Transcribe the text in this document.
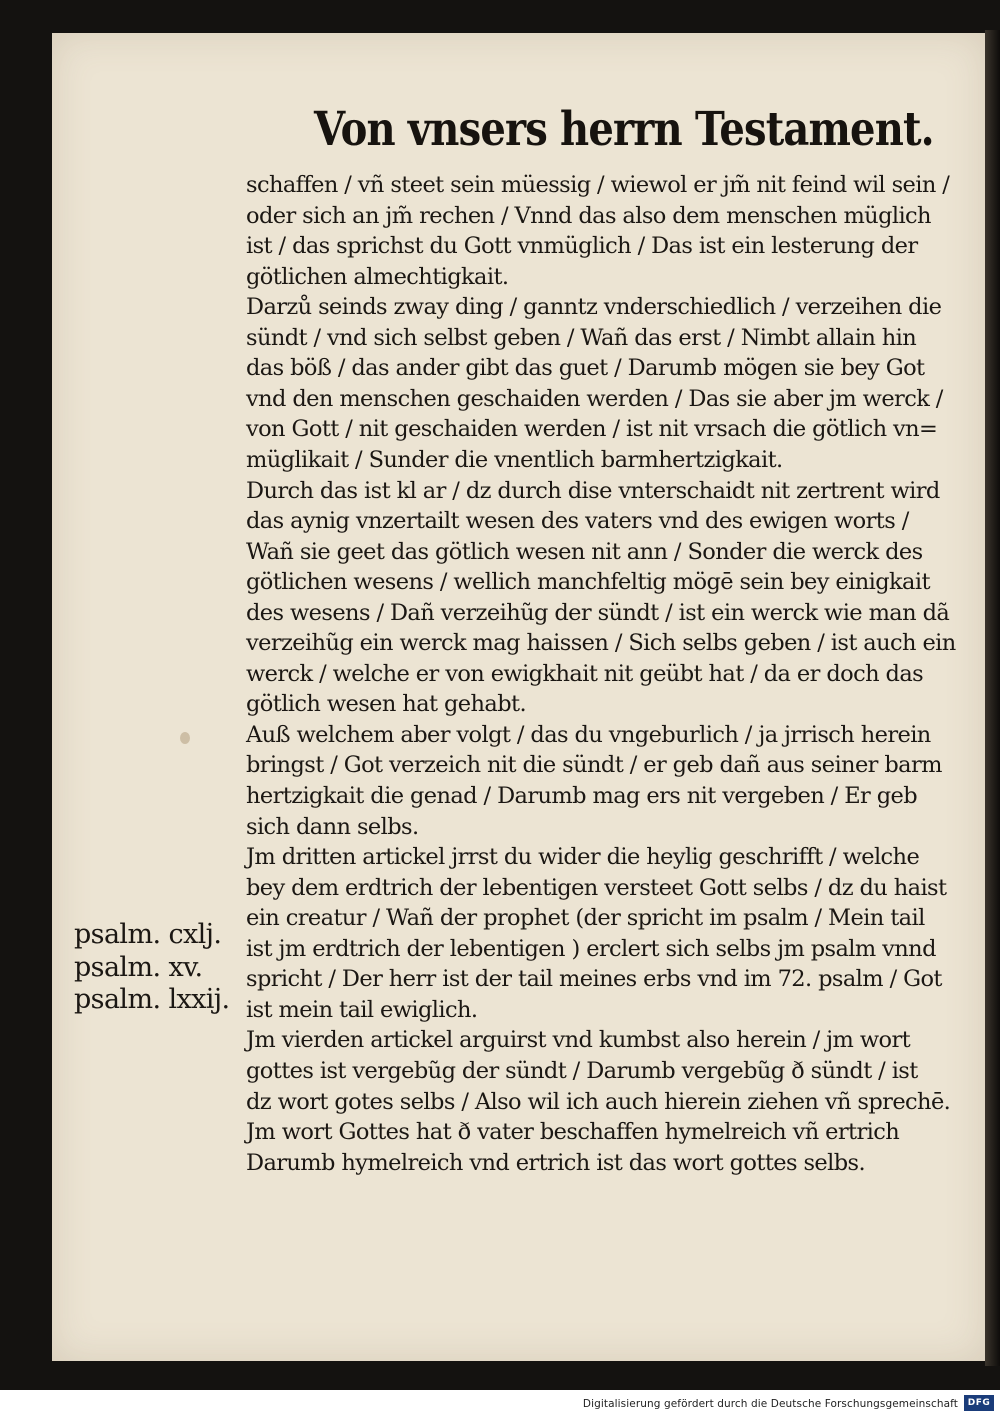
Von vnsers herrn Testament.
schaffen / vñ steet sein müessig / wiewol er jm̃ nit feind wil sein /
oder sich an jm̃ rechen / Vnnd das also dem menschen müglich
ist / das sprichst du Gott vnmüglich / Das ist ein lesterung der
götlichen almechtigkait.
Darzů seinds zway ding / ganntz vnderschiedlich / verzeihen die
sündt / vnd sich selbst geben / Wañ das erst / Nimbt allain hin
das böß / das ander gibt das guet / Darumb mögen sie bey Got
vnd den menschen geschaiden werden / Das sie aber jm werck /
von Gott / nit geschaiden werden / ist nit vrsach die götlich vn=
müglikait / Sunder die vnentlich barmhertzigkait.
Durch das ist kl ar / dz durch dise vnterschaidt nit zertrent wird
das aynig vnzertailt wesen des vaters vnd des ewigen worts /
Wañ sie geet das götlich wesen nit ann / Sonder die werck des
götlichen wesens / wellich manchfeltig mögē sein bey einigkait
des wesens / Dañ verzeihũg der sündt / ist ein werck wie man dã
verzeihũg ein werck mag haissen / Sich selbs geben / ist auch ein
werck / welche er von ewigkhait nit geübt hat / da er doch das
götlich wesen hat gehabt.
Auß welchem aber volgt / das du vngeburlich / ja jrrisch herein
bringst / Got verzeich nit die sündt / er geb dañ aus seiner barm
hertzigkait die genad / Darumb mag ers nit vergeben / Er geb
sich dann selbs.
Jm dritten artickel jrrst du wider die heylig geschrifft / welche
bey dem erdtrich der lebentigen versteet Gott selbs / dz du haist
ein creatur / Wañ der prophet (der spricht im psalm / Mein tail
ist jm erdtrich der lebentigen ) erclert sich selbs jm psalm vnnd
spricht / Der herr ist der tail meines erbs vnd im 72. psalm / Got
ist mein tail ewiglich.
Jm vierden artickel arguirst vnd kumbst also herein / jm wort
gottes ist vergebũg der sündt / Darumb vergebũg ð sündt / ist
dz wort gotes selbs / Also wil ich auch hierein ziehen vñ sprechē.
Jm wort Gottes hat ð vater beschaffen hymelreich vñ ertrich
Darumb hymelreich vnd ertrich ist das wort gottes selbs.
psalm. cxlj.
psalm. xv.
psalm. lxxij.
Digitalisierung gefördert durch die Deutsche Forschungsgemeinschaft	DFG
